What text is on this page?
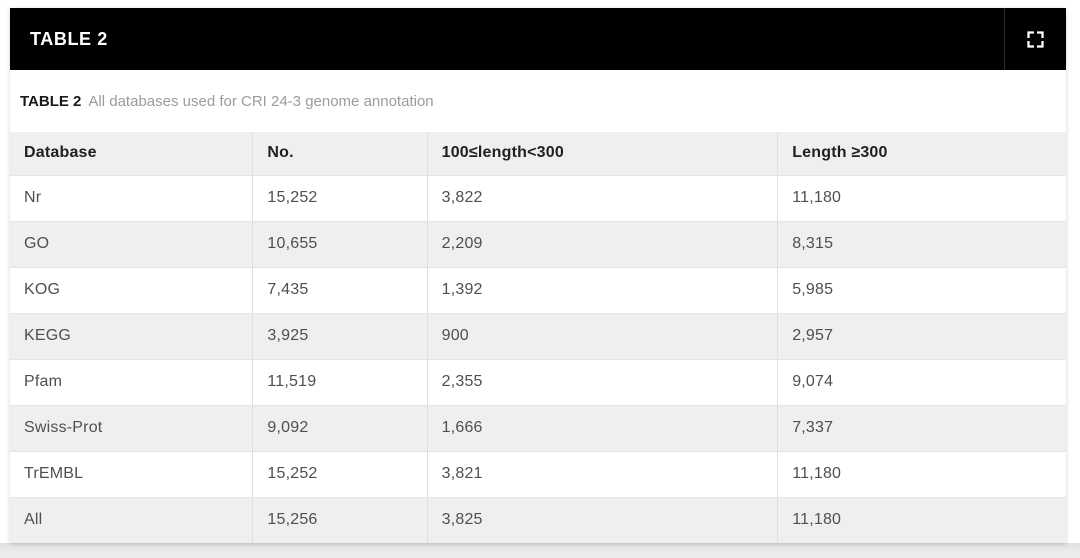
TABLE 2
TABLE 2 All databases used for CRI 24-3 genome annotation
Database	No.	100≤length<300	Length ≥300
Nr	15,252	3,822	11,180
GO	10,655	2,209	8,315
KOG	7,435	1,392	5,985
KEGG	3,925	900	2,957
Pfam	11,519	2,355	9,074
Swiss-Prot	9,092	1,666	7,337
TrEMBL	15,252	3,821	11,180
All	15,256	3,825	11,180
